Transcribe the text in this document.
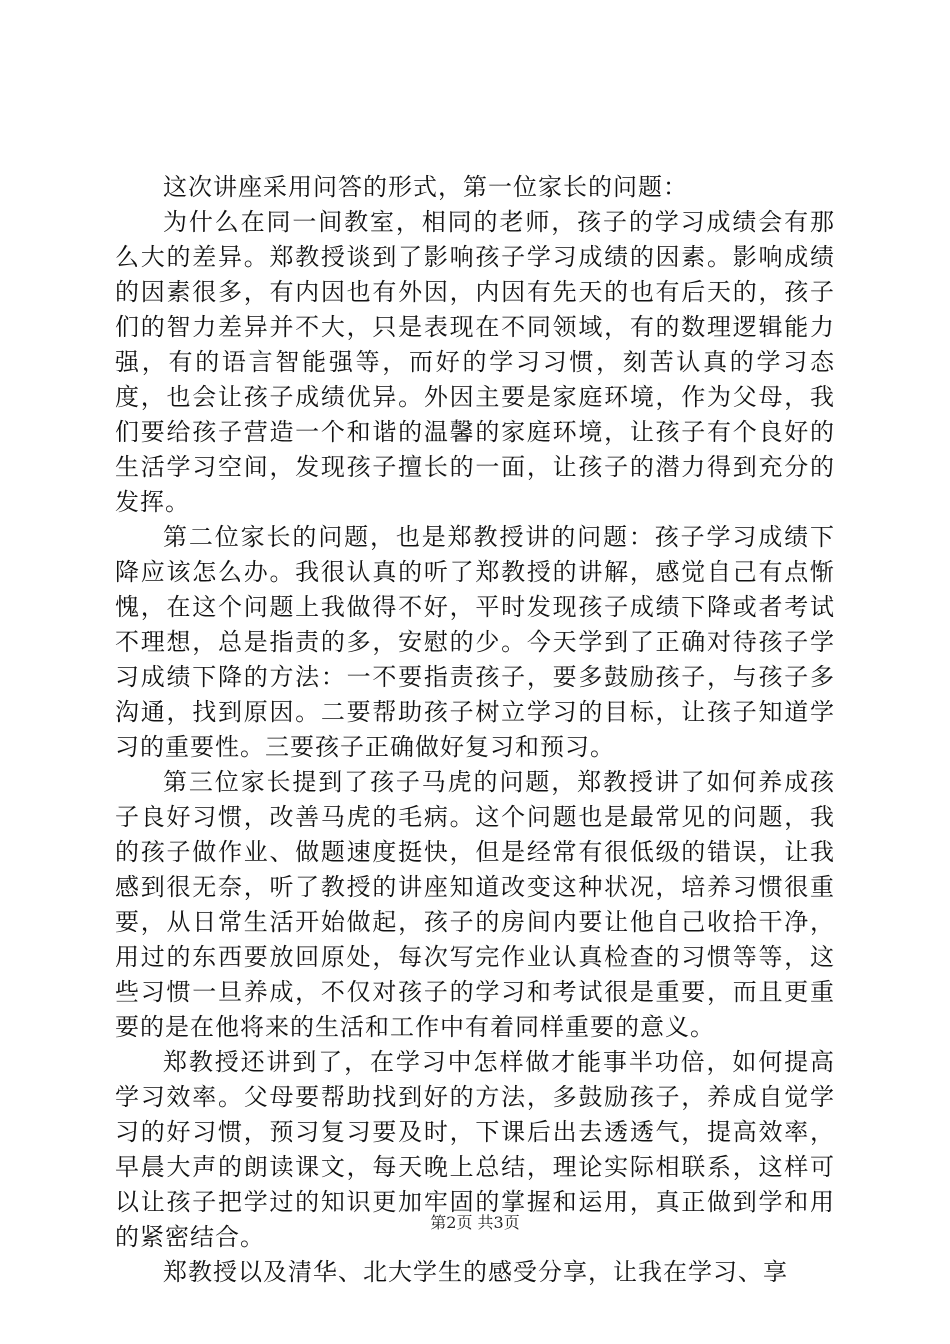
这次讲座采用问答的形式，第一位家长的问题：

为什么在同一间教室，相同的老师，孩子的学习成绩会有那么大的差异。郑教授谈到了影响孩子学习成绩的因素。影响成绩的因素很多，有内因也有外因，内因有先天的也有后天的，孩子们的智力差异并不大，只是表现在不同领域，有的数理逻辑能力强，有的语言智能强等，而好的学习习惯，刻苦认真的学习态度，也会让孩子成绩优异。外因主要是家庭环境，作为父母，我们要给孩子营造一个和谐的温馨的家庭环境，让孩子有个良好的生活学习空间，发现孩子擅长的一面，让孩子的潜力得到充分的发挥。

第二位家长的问题，也是郑教授讲的问题：孩子学习成绩下降应该怎么办。我很认真的听了郑教授的讲解，感觉自己有点惭愧，在这个问题上我做得不好，平时发现孩子成绩下降或者考试不理想，总是指责的多，安慰的少。今天学到了正确对待孩子学习成绩下降的方法：一不要指责孩子，要多鼓励孩子，与孩子多沟通，找到原因。二要帮助孩子树立学习的目标，让孩子知道学习的重要性。三要孩子正确做好复习和预习。

第三位家长提到了孩子马虎的问题，郑教授讲了如何养成孩子良好习惯，改善马虎的毛病。这个问题也是最常见的问题，我的孩子做作业、做题速度挺快，但是经常有很低级的错误，让我感到很无奈，听了教授的讲座知道改变这种状况，培养习惯很重要，从日常生活开始做起，孩子的房间内要让他自己收拾干净，用过的东西要放回原处，每次写完作业认真检查的习惯等等，这些习惯一旦养成，不仅对孩子的学习和考试很是重要，而且更重要的是在他将来的生活和工作中有着同样重要的意义。

郑教授还讲到了，在学习中怎样做才能事半功倍，如何提高学习效率。父母要帮助找到好的方法，多鼓励孩子，养成自觉学习的好习惯，预习复习要及时，下课后出去透透气，提高效率，早晨大声的朗读课文，每天晚上总结，理论实际相联系，这样可以让孩子把学过的知识更加牢固的掌握和运用，真正做到学和用的紧密结合。

郑教授以及清华、北大学生的感受分享，让我在学习、享

第2页 共3页
